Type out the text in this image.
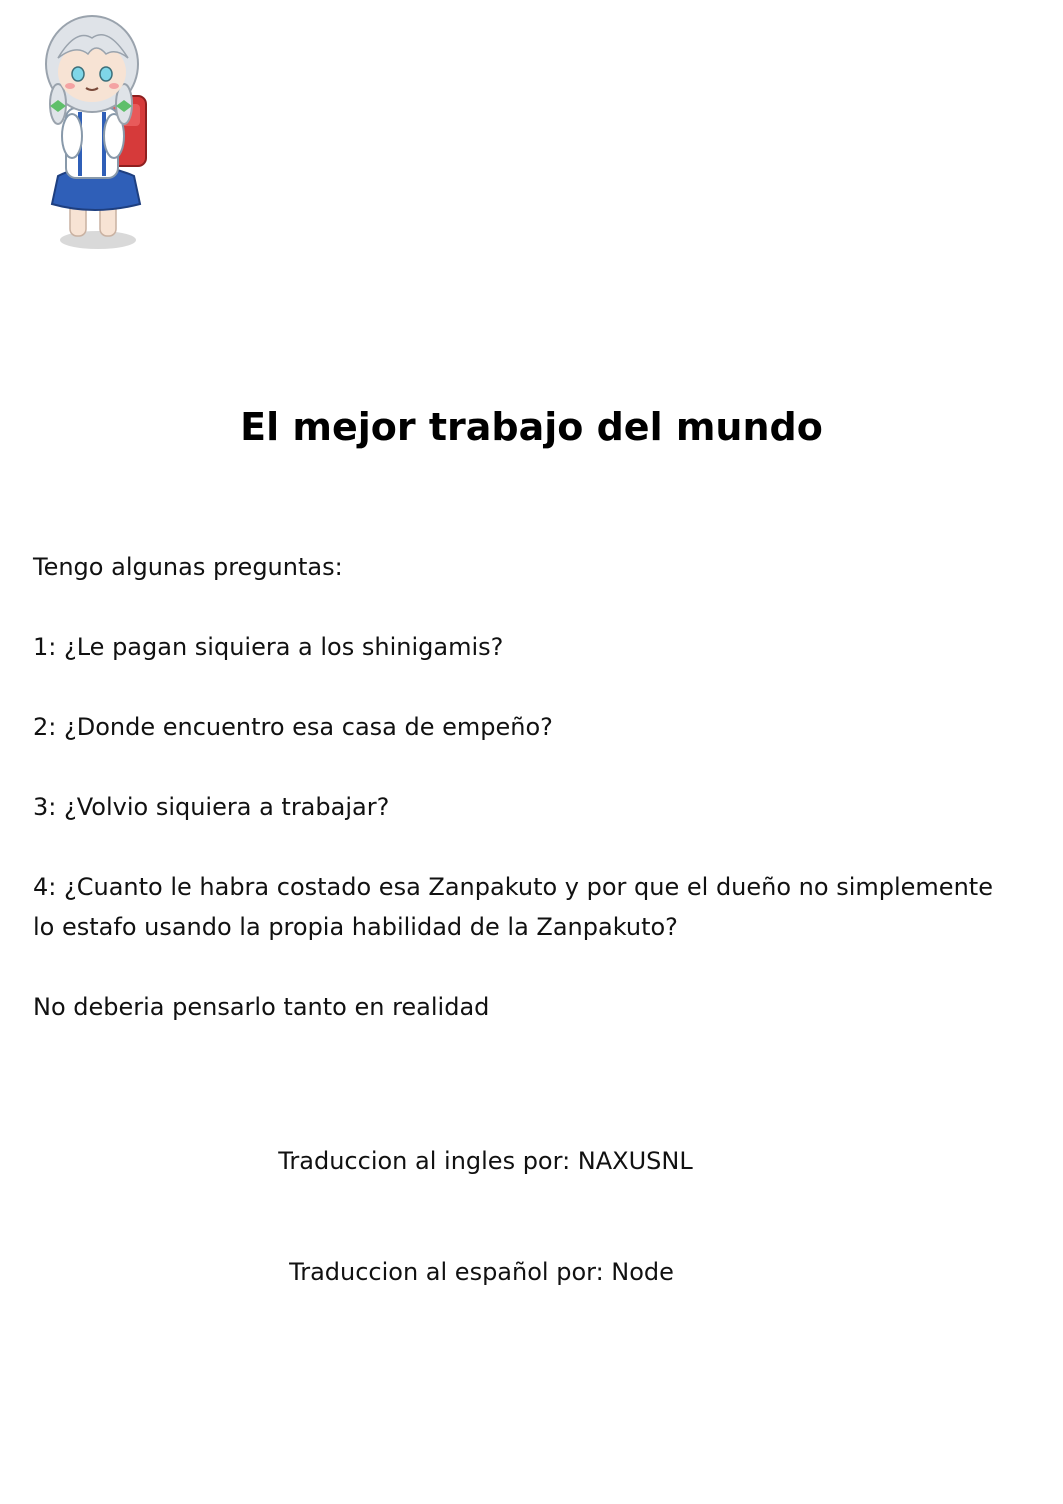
El mejor trabajo del mundo

Tengo algunas preguntas:

1: ¿Le pagan siquiera a los shinigamis?

2: ¿Donde encuentro esa casa de empeño?

3: ¿Volvio siquiera a trabajar?

4: ¿Cuanto le habra costado esa Zanpakuto y por que el dueño no simplemente lo estafo usando la propia habilidad de la Zanpakuto?

No deberia pensarlo tanto en realidad

Traduccion al ingles por: NAXUSNL

Traduccion al español por: Node
